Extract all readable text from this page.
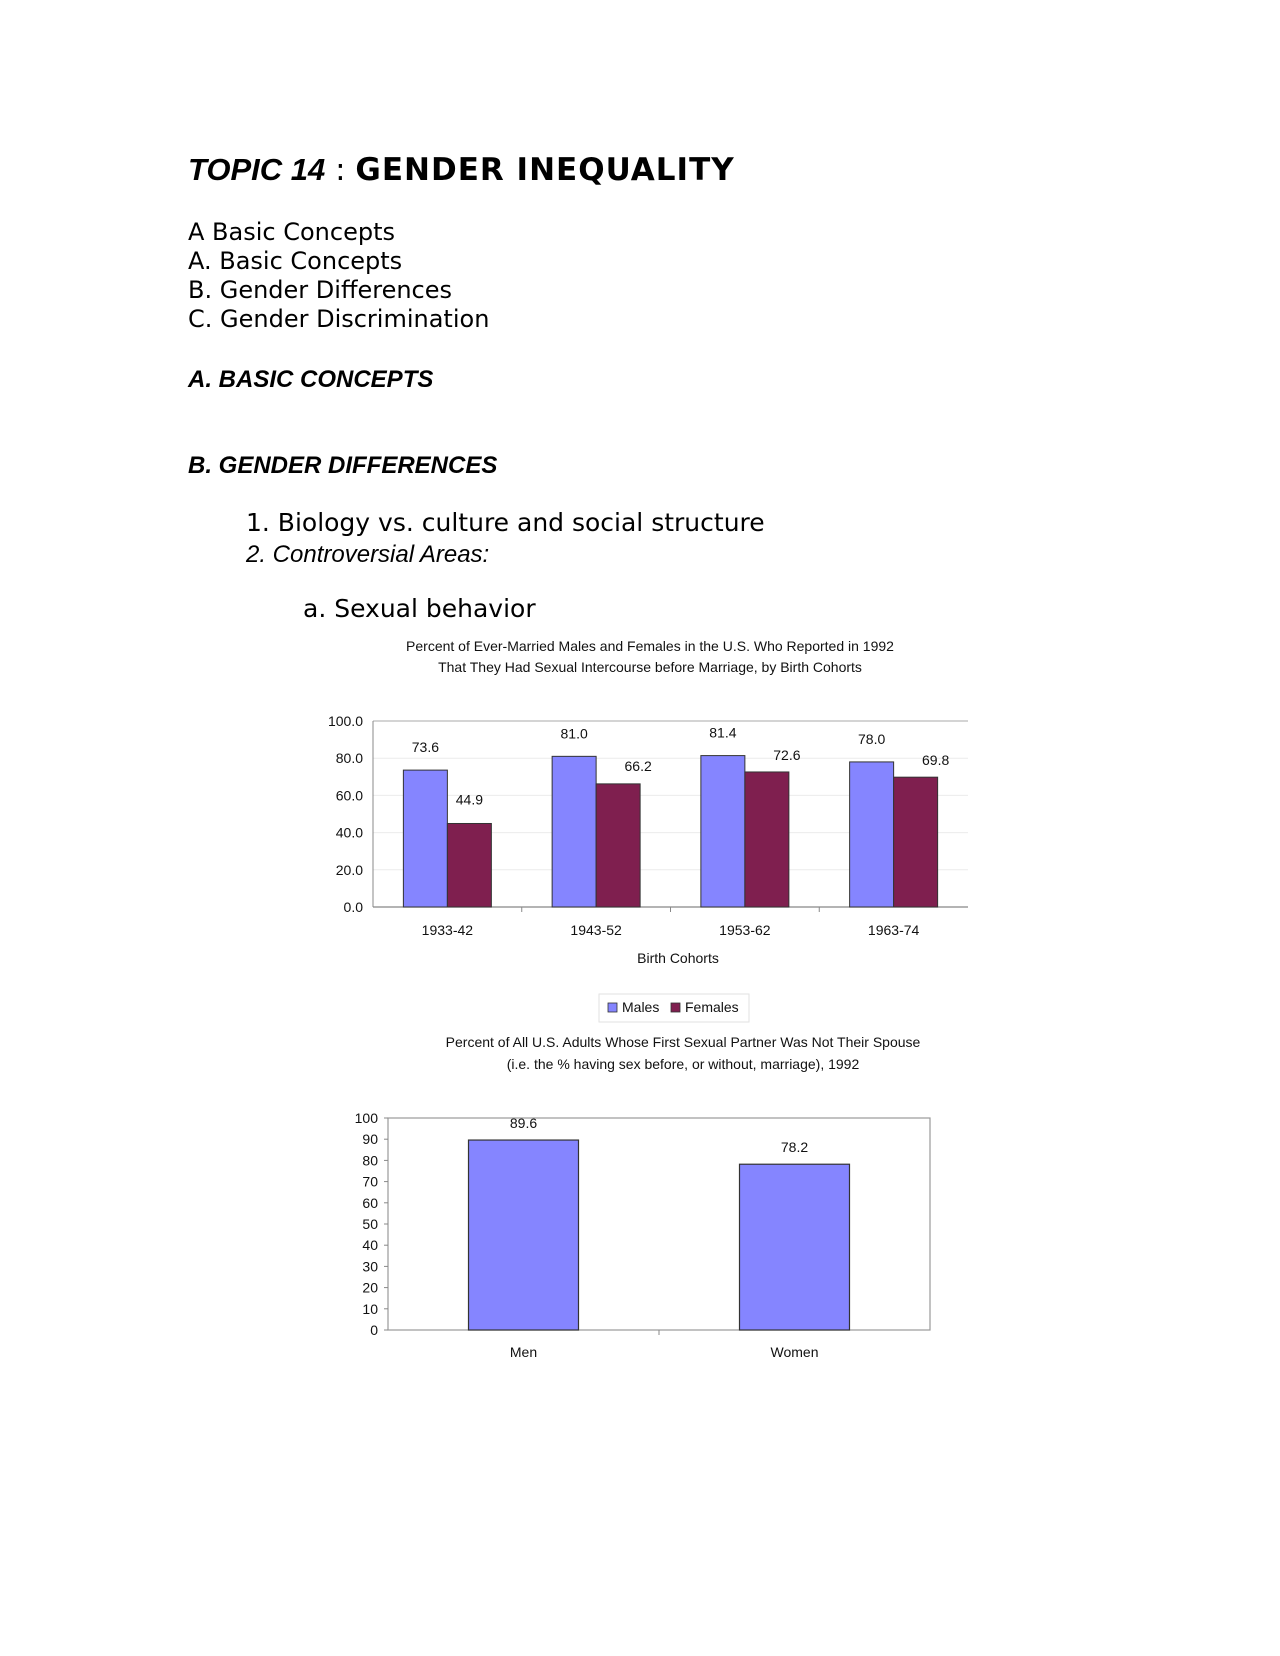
TOPIC 14 : GENDER INEQUALITY
A Basic Concepts
A. Basic Concepts
B. Gender Differences
C. Gender Discrimination
A. BASIC CONCEPTS
B. GENDER DIFFERENCES
1. Biology vs. culture and social structure
2. Controversial Areas:
a. Sexual behavior
Percent of Ever-Married Males and Females in the U.S. Who Reported in 1992
That They Had Sexual Intercourse before Marriage, by Birth Cohorts
0.0
20.0
40.0
60.0
80.0
100.0
73.6
44.9
81.0
66.2
81.4
72.6
78.0
69.8
1933-42	1943-52	1953-62	1963-74
Birth Cohorts
Males Females
Percent of All U.S. Adults Whose First Sexual Partner Was Not Their Spouse
(i.e. the % having sex before, or without, marriage), 1992
0
10
20
30
40
50
60
70
80
90
100	89.6
78.2
Men	Women
